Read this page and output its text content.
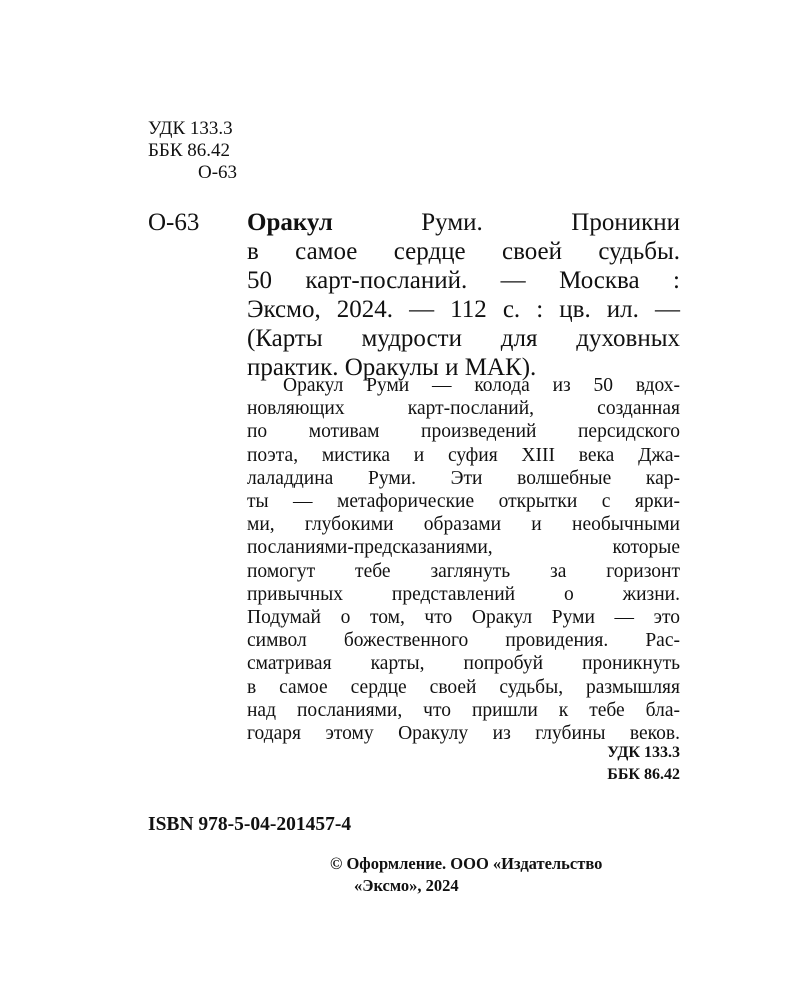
УДК 133.3
ББК 86.42
О-63
О-63 Оракул	Руми. Проникни
в самое сердце своей судьбы.
50 карт-посланий. — Москва :
Эксмо, 2024. — 112 с. : цв. ил. —
(Карты мудрости для духовных
практик. Оракулы и МАК).
Оракул Руми — колода из 50 вдох-
новляющих карт-посланий, созданная
по мотивам произведений персидского
поэта, мистика и суфия XIII века Джа-
лаладдина Руми. Эти волшебные кар-
ты — метафорические открытки с ярки-
ми, глубокими образами и необычными
посланиями-предсказаниями, которые
помогут тебе заглянуть за горизонт
привычных представлений о жизни.
Подумай о том, что Оракул Руми — это
символ божественного провидения. Рас-
сматривая карты, попробуй проникнуть
в самое сердце своей судьбы, размышляя
над посланиями, что пришли к тебе бла-
годаря этому Оракулу из глубины веков.
УДК 133.3
ББК 86.42
ISBN 978-5-04-201457-4
© Оформление. ООО «Издательство
«Эксмо», 2024
